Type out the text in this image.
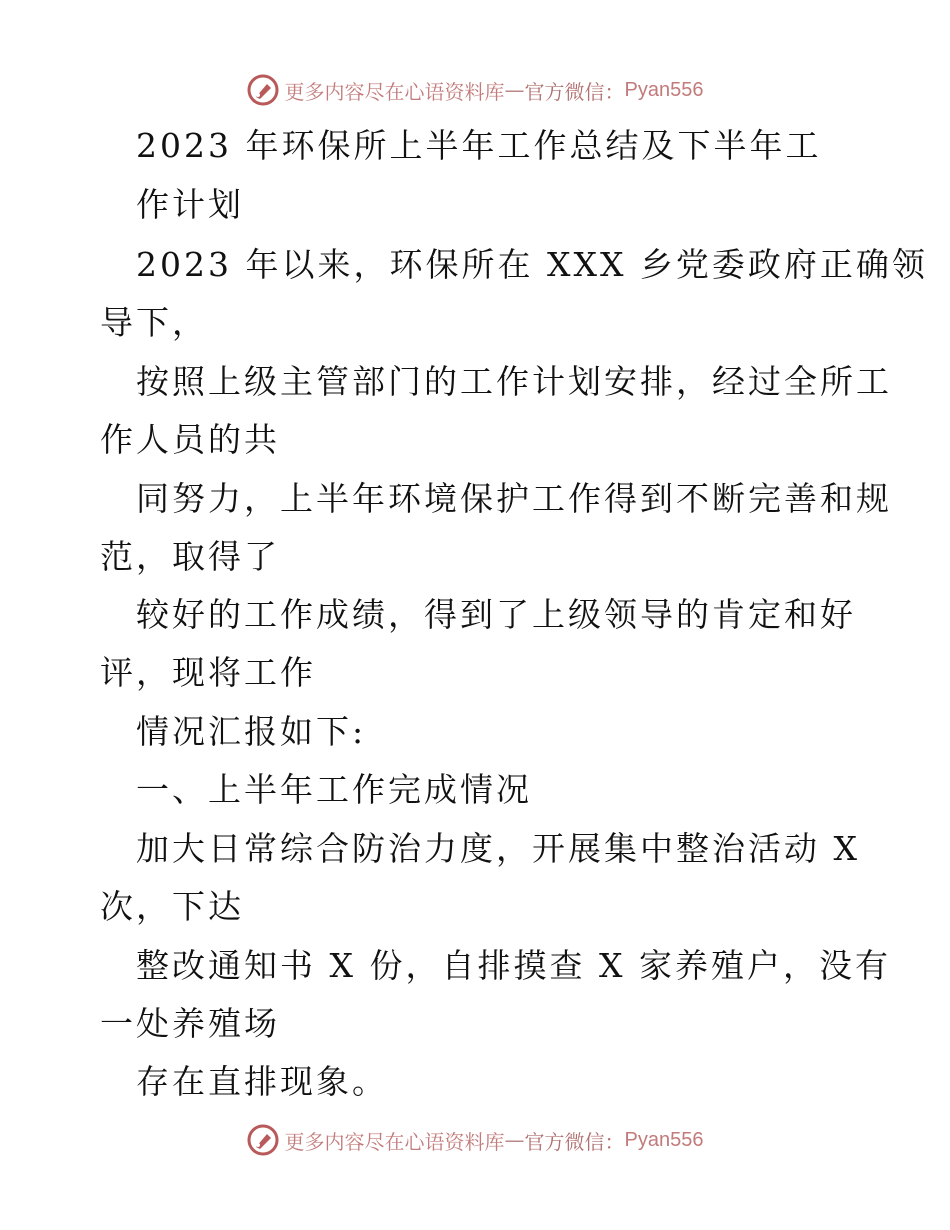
更多内容尽在心语资料库 — 官方微信： Pyan556
2023 年环保所上半年工作总结及下半年工
作计划
2023 年以来，环保所在 XXX 乡党委政府正确领
导下，
按照上级主管部门的工作计划安排，经过全所工
作人员的共
同努力，上半年环境保护工作得到不断完善和规
范，取得了
较好的工作成绩，得到了上级领导的肯定和好
评，现将工作
情况汇报如下:
一、上半年工作完成情况
加大日常综合防治力度，开展集中整治活动 X
次，下达
整改通知书 X 份，自排摸查 X 家养殖户，没有
一处养殖场
存在直排现象。
更多内容尽在心语资料库 — 官方微信： Pyan556
